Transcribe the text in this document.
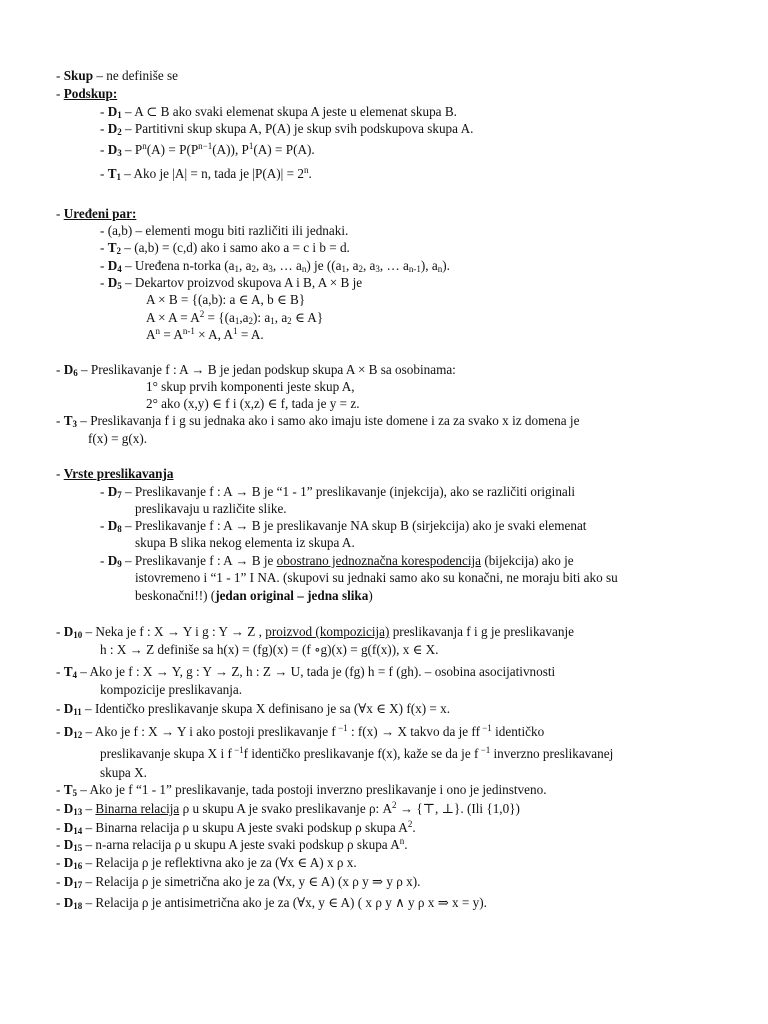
- Skup – ne definiše se
- Podskup:
- $D_1$ – A ⊂ B ako svaki elemenat skupa A jeste u elemenat skupa B.
- $D_2$ – Partitivni skup skupa A, P(A) je skup svih podskupova skupa A.
- $D_3 - P^n(A) = P(P^{n-1}(A))$, $P^1(A) = P(A)$.
- $T_1$ – Ako je |A| = n, tada je $|P(A)| = 2^n$.
- Uređeni par:
- (a,b) – elementi mogu biti različiti ili jednaki.
- $T_2 - (a,b) = (c,d)$ ako i samo ako a = c i b = d.
- $D_4$ – Uređena n-torka ($a_1$, $a_2$, $a_3$, … $a_n$) je (($a_1$, $a_2$, $a_3$, … $a_{n-1}$), $a_n$).
- $D_5$ – Dekartov proizvod skupova A i B, A × B je
A × B = {(a,b): a ∈ A, b ∈ B}
$A \times A = A^2 = \{(a_1,a_2)$: $a_1$, $a_2$ ∈ A}
$A^n = A^{n-1} \times A$, $A^1 = A$.
- $D_6$ – Preslikavanje f : A → B je jedan podskup skupa A × B sa osobinama:
1° skup prvih komponenti jeste skup A,
2° ako (x,y) ∈ f i (x,z) ∈ f, tada je y = z.
- $T_3$ – Preslikavanja f i g su jednaka ako i samo ako imaju iste domene i za za svako x iz domena je
f(x) = g(x).
- Vrste preslikavanja
- $D_7$ – Preslikavanje f : A → B je “1 - 1” preslikavanje (injekcija), ako se različiti originali
preslikavaju u različite slike.
- $D_8$ – Preslikavanje f : A → B je preslikavanje NA skup B (sirjekcija) ako je svaki elemenat
skupa B slika nekog elementa iz skupa A.
- $D_9$ – Preslikavanje f : A → B je obostrano jednoznačna korespodencija (bijekcija) ako je
istovremeno i “1 - 1” I NA. (skupovi su jednaki samo ako su konačni, ne moraju biti ako su
beskonačni!!) (jedan original – jedna slika)
- $D_{10}$ – Neka je f : X → Y i g : Y → Z , proizvod (kompozicija) preslikavanja f i g je preslikavanje
h : X → Z definiše sa h(x) = (fg)(x) = (f ∘g)(x) = g(f(x)), x ∈ X.
- $T_4$ – Ako je f : X → Y, g : Y → Z, h : Z → U, tada je (fg) h = f (gh). – osobina asocijativnosti
kompozicije preslikavanja.
- $D_{11}$ – Identičko preslikavanje skupa X definisano je sa (∀x ∈ X) f(x) = x.
- $D_{12}$ – Ako je f : X → Y i ako postoji preslikavanje f $^{-1}$ : f(x) → X takvo da je ff $^{-1}$ identičko
preslikavanje skupa X i f $^{-1}$f identičko preslikavanje f(x), kaže se da je f $^{-1}$ inverzno preslikavanej
skupa X.
- $T_5$ – Ako je f “1 - 1” preslikavanje, tada postoji inverzno preslikavanje i ono je jedinstveno.
- $D_{13}$ – Binarna relacija ρ u skupu A je svako preslikavanje ρ: $A^2$ → {⊤, ⊥}. (Ili {1,0})
- $D_{14}$ – Binarna relacija ρ u skupu A jeste svaki podskup ρ skupa $A^2$.
- $D_{15}$ – n-arna relacija ρ u skupu A jeste svaki podskup ρ skupa $A^n$.
- $D_{16}$ – Relacija ρ je reflektivna ako je za (∀x ∈ A) x ρ x.
- $D_{17}$ – Relacija ρ je simetrična ako je za (∀x, y ∈ A) (x ρ y ⇒ y ρ x).
- $D_{18}$ – Relacija ρ je antisimetrična ako je za (∀x, y ∈ A) ( x ρ y ∧ y ρ x ⇒ x = y).
